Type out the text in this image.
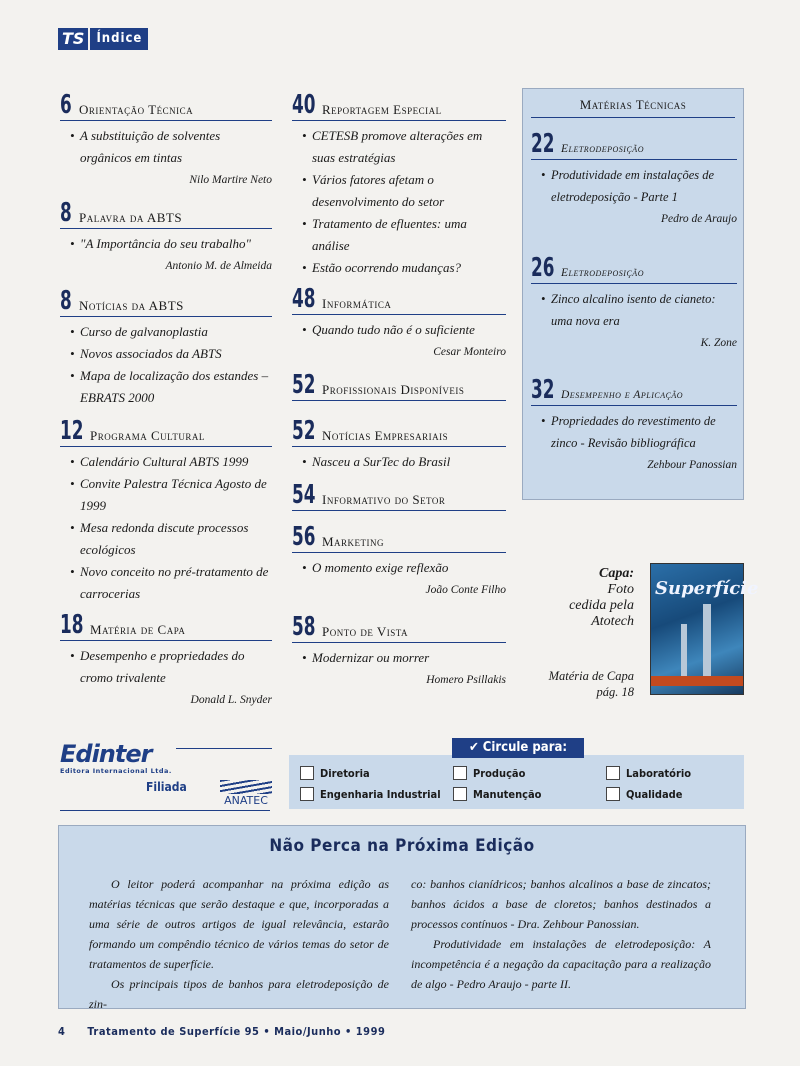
TS Índice
6 Orientação Técnica
• A substituição de solventes orgânicos em tintas
Nilo Martire Neto
8 Palavra da ABTS
• "A Importância do seu trabalho"
Antonio M. de Almeida
8 Notícias da ABTS
• Curso de galvanoplastia
• Novos associados da ABTS
• Mapa de localização dos estandes – EBRATS 2000
12 Programa Cultural
• Calendário Cultural ABTS 1999
• Convite Palestra Técnica Agosto de 1999
• Mesa redonda discute processos ecológicos
• Novo conceito no pré-tratamento de carrocerias
18 Matéria de Capa
• Desempenho e propriedades do cromo trivalente
Donald L. Snyder
40 Reportagem Especial
• CETESB promove alterações em suas estratégias
• Vários fatores afetam o desenvolvimento do setor
• Tratamento de efluentes: uma análise
• Estão ocorrendo mudanças?
48 Informática
• Quando tudo não é o suficiente
Cesar Monteiro
52 Profissionais Disponíveis
52 Notícias Empresariais
• Nasceu a SurTec do Brasil
54 Informativo do Setor
56 Marketing
• O momento exige reflexão
João Conte Filho
58 Ponto de Vista
• Modernizar ou morrer
Homero Psillakis
Matérias Técnicas
22 Eletrodeposição
• Produtividade em instalações de eletrodeposição - Parte 1
Pedro de Araujo
26 Eletrodeposição
• Zinco alcalino isento de cianeto: uma nova era
K. Zone
32 Desempenho e Aplicação
• Propriedades do revestimento de zinco - Revisão bibliográfica
Zehbour Panossian
Capa:
Foto
cedida pela
Atotech
Matéria de Capa
pág. 18
Superfície
Edinter
Editora Internacional Ltda.
Filiada
ANATEC
✔ Circule para:
Diretoria
Engenharia Industrial
Produção
Manutenção
Laboratório
Qualidade
Não Perca na Próxima Edição

O leitor poderá acompanhar na próxima edição as matérias técnicas que serão destaque e que, incorporadas a uma série de outros artigos de igual relevância, estarão formando um compêndio técnico de vários temas do setor de tratamentos de superfície.

Os principais tipos de banhos para eletrodeposição de zin-

co: banhos cianídricos; banhos alcalinos a base de zincatos; banhos ácidos a base de cloretos; banhos destinados a processos contínuos - Dra. Zehbour Panossian.

Produtividade em instalações de eletrodeposição: A incompetência é a negação da capacitação para a realização de algo - Pedro Araujo - parte II.

4 Tratamento de Superfície 95 • Maio/Junho • 1999
